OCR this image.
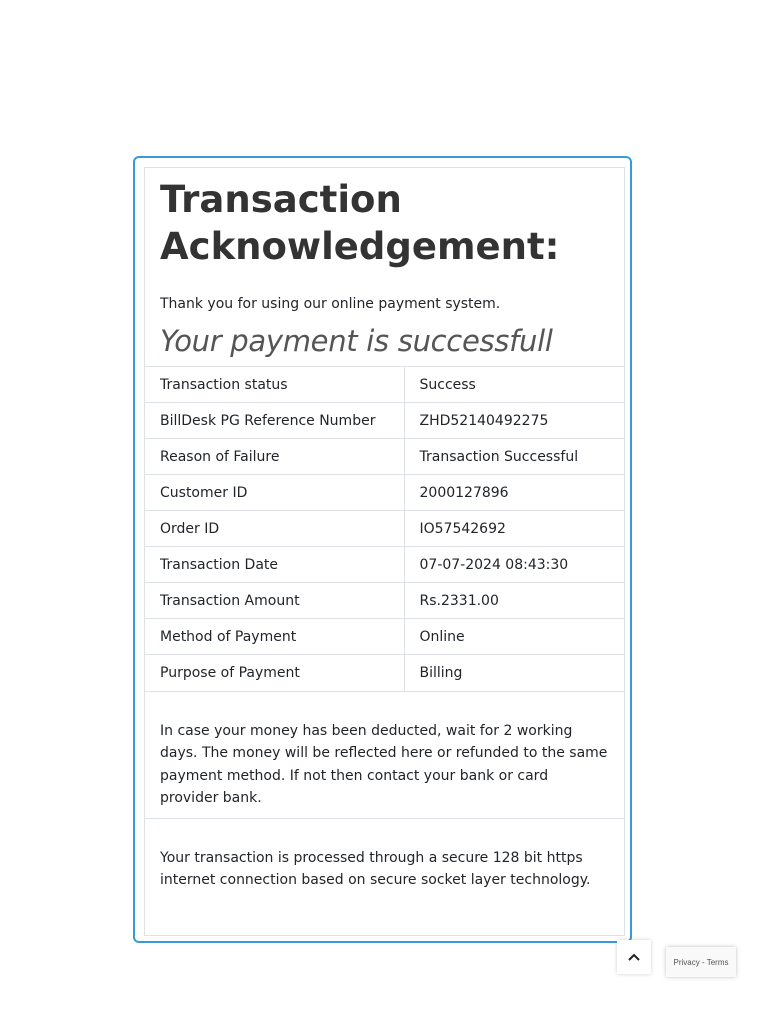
Transaction Acknowledgement:

Thank you for using our online payment system.

Your payment is successfull

Transaction status	Success
BillDesk PG Reference Number	ZHD52140492275
Reason of Failure	Transaction Successful
Customer ID	2000127896
Order ID	IO57542692
Transaction Date	07-07-2024 08:43:30
Transaction Amount	Rs.2331.00
Method of Payment	Online
Purpose of Payment	Billing

In case your money has been deducted, wait for 2 working days. The money will be reflected here or refunded to the same payment method. If not then contact your bank or card provider bank.

Your transaction is processed through a secure 128 bit https internet connection based on secure socket layer technology.

Privacy - Terms
